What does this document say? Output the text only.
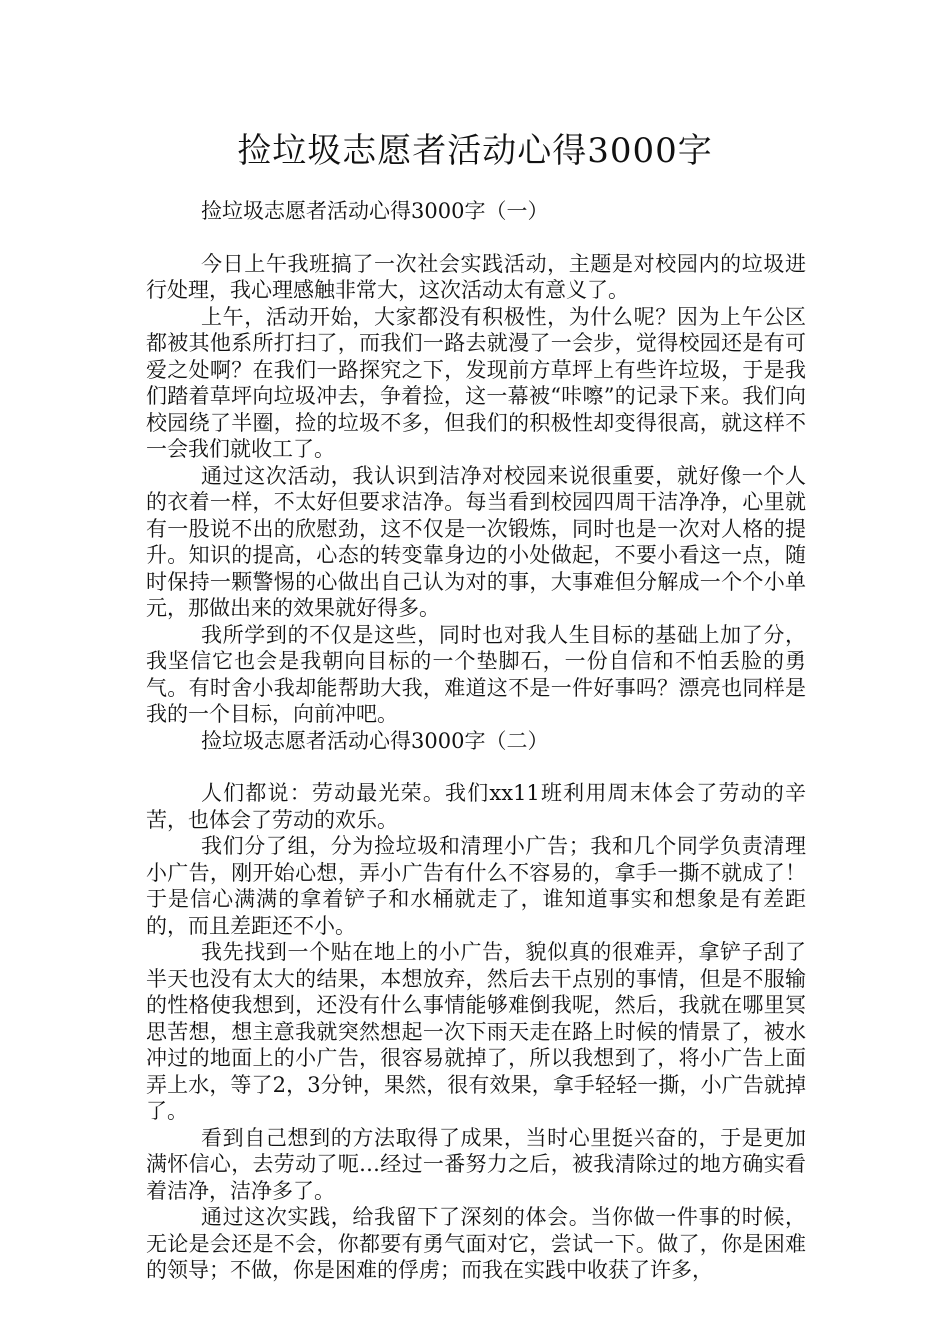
捡垃圾志愿者活动心得3000字
捡垃圾志愿者活动心得3000字（一）

今日上午我班搞了一次社会实践活动，主题是对校园内的垃圾进行处理，我心理感触非常大，这次活动太有意义了。

上午，活动开始，大家都没有积极性，为什么呢？因为上午公区都被其他系所打扫了，而我们一路去就漫了一会步，觉得校园还是有可爱之处啊？在我们一路探究之下，发现前方草坪上有些许垃圾，于是我们踏着草坪向垃圾冲去，争着捡，这一幕被“咔嚓”的记录下来。我们向校园绕了半圈，捡的垃圾不多，但我们的积极性却变得很高，就这样不一会我们就收工了。

通过这次活动，我认识到洁净对校园来说很重要，就好像一个人的衣着一样，不太好但要求洁净。每当看到校园四周干洁净净，心里就有一股说不出的欣慰劲，这不仅是一次锻炼，同时也是一次对人格的提升。知识的提高，心态的转变靠身边的小处做起，不要小看这一点，随时保持一颗警惕的心做出自己认为对的事，大事难但分解成一个个小单元，那做出来的效果就好得多。

我所学到的不仅是这些，同时也对我人生目标的基础上加了分，我坚信它也会是我朝向目标的一个垫脚石，一份自信和不怕丢脸的勇气。有时舍小我却能帮助大我，难道这不是一件好事吗？漂亮也同样是我的一个目标，向前冲吧。

捡垃圾志愿者活动心得3000字（二）

人们都说：劳动最光荣。我们xx11班利用周末体会了劳动的辛苦，也体会了劳动的欢乐。

我们分了组，分为捡垃圾和清理小广告；我和几个同学负责清理小广告，刚开始心想，弄小广告有什么不容易的，拿手一撕不就成了！于是信心满满的拿着铲子和水桶就走了，谁知道事实和想象是有差距的，而且差距还不小。

我先找到一个贴在地上的小广告，貌似真的很难弄，拿铲子刮了半天也没有太大的结果，本想放弃，然后去干点别的事情，但是不服输的性格使我想到，还没有什么事情能够难倒我呢，然后，我就在哪里冥思苦想，想主意我就突然想起一次下雨天走在路上时候的情景了，被水冲过的地面上的小广告，很容易就掉了，所以我想到了，将小广告上面弄上水，等了2，3分钟，果然，很有效果，拿手轻轻一撕，小广告就掉了。

看到自己想到的方法取得了成果，当时心里挺兴奋的，于是更加满怀信心，去劳动了呃…经过一番努力之后，被我清除过的地方确实看着洁净，洁净多了。

通过这次实践，给我留下了深刻的体会。当你做一件事的时候，无论是会还是不会，你都要有勇气面对它，尝试一下。做了，你是困难的领导；不做，你是困难的俘虏；而我在实践中收获了许多，
